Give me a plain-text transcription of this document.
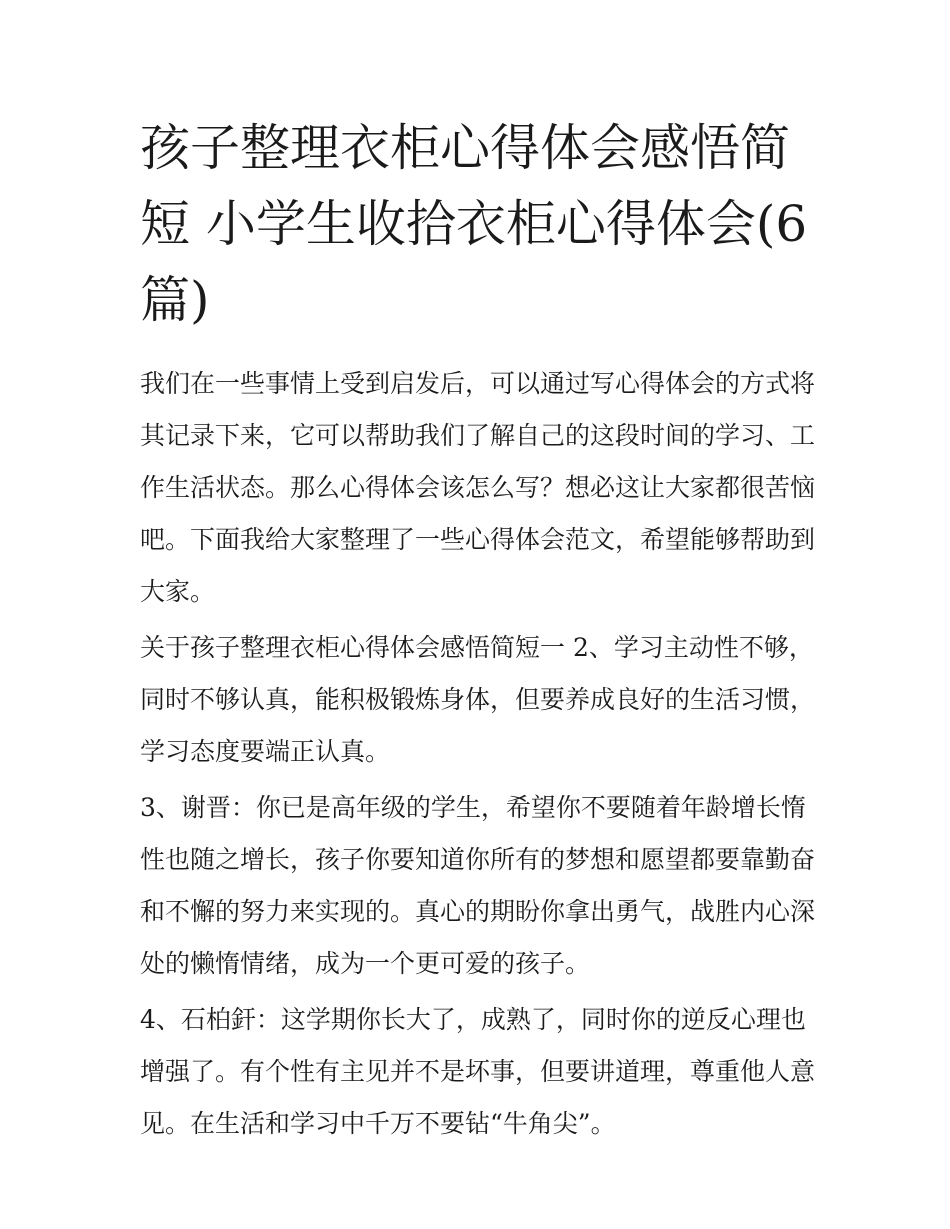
孩子整理衣柜心得体会感悟简短 小学生收拾衣柜心得体会(6篇)

我们在一些事情上受到启发后，可以通过写心得体会的方式将其记录下来，它可以帮助我们了解自己的这段时间的学习、工作生活状态。那么心得体会该怎么写？想必这让大家都很苦恼吧。下面我给大家整理了一些心得体会范文，希望能够帮助到大家。

关于孩子整理衣柜心得体会感悟简短一 2、学习主动性不够，同时不够认真，能积极锻炼身体，但要养成良好的生活习惯，学习态度要端正认真。

3、谢晋：你已是高年级的学生，希望你不要随着年龄增长惰性也随之增长，孩子你要知道你所有的梦想和愿望都要靠勤奋和不懈的努力来实现的。真心的期盼你拿出勇气，战胜内心深处的懒惰情绪，成为一个更可爱的孩子。

4、石柏釬：这学期你长大了，成熟了，同时你的逆反心理也增强了。有个性有主见并不是坏事，但要讲道理，尊重他人意见。在生活和学习中千万不要钻“牛角尖”。
